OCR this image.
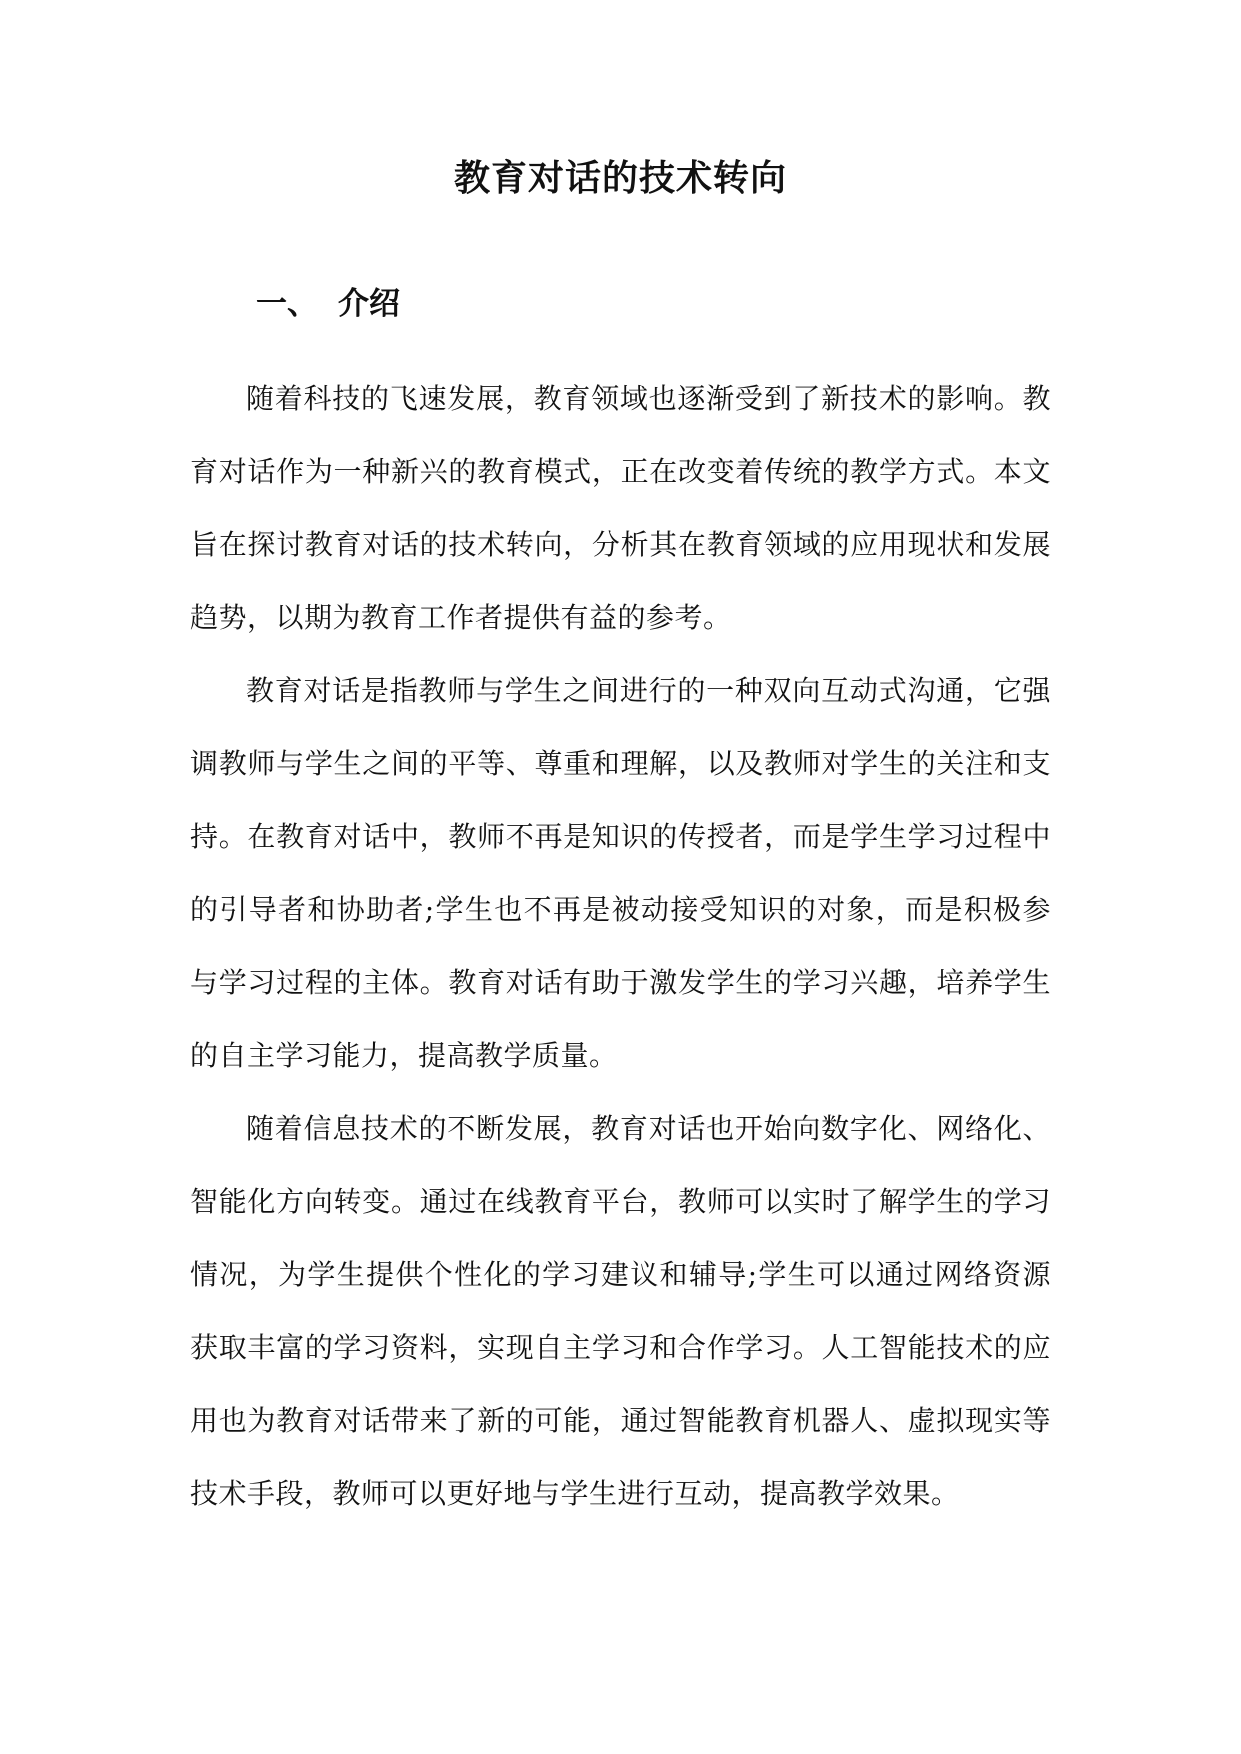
教育对话的技术转向
一、 介绍

随着科技的飞速发展，教育领域也逐渐受到了新技术的影响。教育对话作为一种新兴的教育模式，正在改变着传统的教学方式。本文旨在探讨教育对话的技术转向，分析其在教育领域的应用现状和发展趋势，以期为教育工作者提供有益的参考。

教育对话是指教师与学生之间进行的一种双向互动式沟通，它强调教师与学生之间的平等、尊重和理解，以及教师对学生的关注和支持。在教育对话中，教师不再是知识的传授者，而是学生学习过程中的引导者和协助者;学生也不再是被动接受知识的对象，而是积极参与学习过程的主体。教育对话有助于激发学生的学习兴趣，培养学生的自主学习能力，提高教学质量。

随着信息技术的不断发展，教育对话也开始向数字化、网络化、智能化方向转变。通过在线教育平台，教师可以实时了解学生的学习情况，为学生提供个性化的学习建议和辅导;学生可以通过网络资源获取丰富的学习资料，实现自主学习和合作学习。人工智能技术的应用也为教育对话带来了新的可能，通过智能教育机器人、虚拟现实等技术手段，教师可以更好地与学生进行互动，提高教学效果。
